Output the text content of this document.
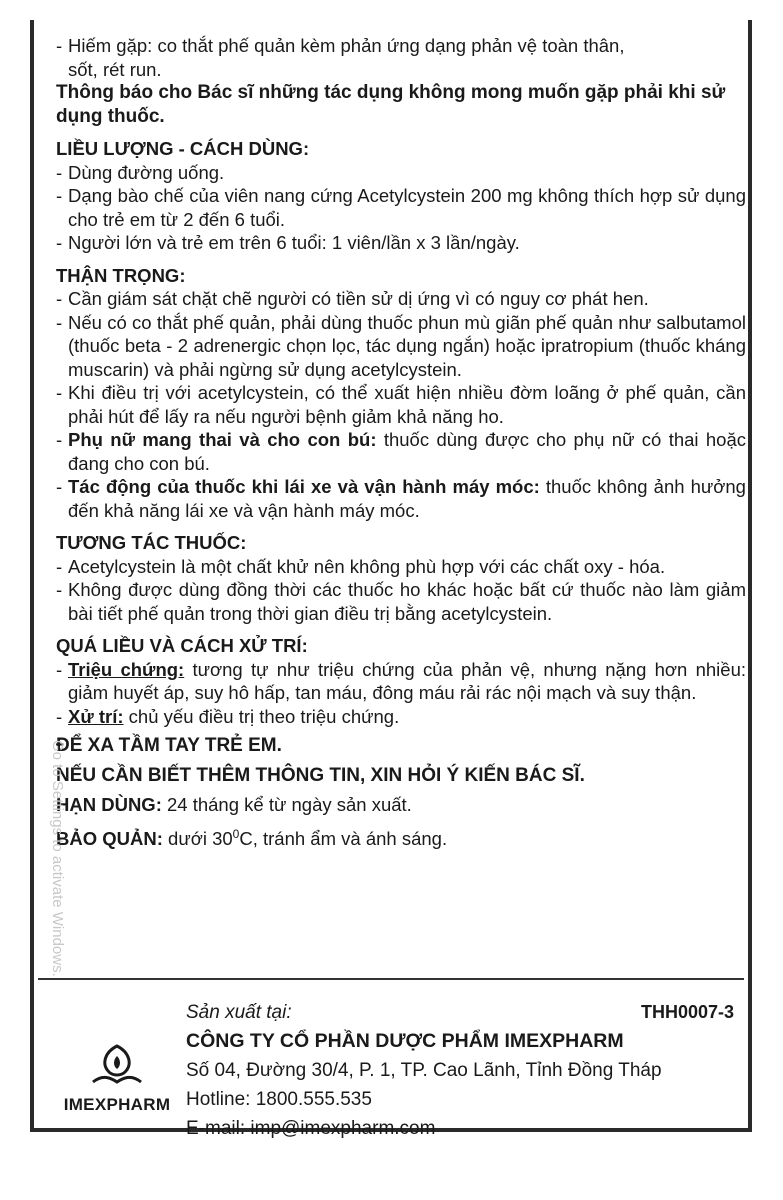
- Hiếm gặp: co thắt phế quản kèm phản ứng dạng phản vệ toàn thân,
sốt, rét run.

Thông báo cho Bác sĩ những tác dụng không mong muốn gặp phải khi sử dụng thuốc.

LIỀU LƯỢNG - CÁCH DÙNG:

- Dùng đường uống.
- Dạng bào chế của viên nang cứng Acetylcystein 200 mg không thích hợp sử dụng cho trẻ em từ 2 đến 6 tuổi.
- Người lớn và trẻ em trên 6 tuổi: 1 viên/lần x 3 lần/ngày.

THẬN TRỌNG:

- Cần giám sát chặt chẽ người có tiền sử dị ứng vì có nguy cơ phát hen.
- Nếu có co thắt phế quản, phải dùng thuốc phun mù giãn phế quản như salbutamol (thuốc beta - 2 adrenergic chọn lọc, tác dụng ngắn) hoặc ipratropium (thuốc kháng muscarin) và phải ngừng sử dụng acetylcystein.
- Khi điều trị với acetylcystein, có thể xuất hiện nhiều đờm loãng ở phế quản, cần phải hút để lấy ra nếu người bệnh giảm khả năng ho.
- Phụ nữ mang thai và cho con bú: thuốc dùng được cho phụ nữ có thai hoặc đang cho con bú.
- Tác động của thuốc khi lái xe và vận hành máy móc: thuốc không ảnh hưởng đến khả năng lái xe và vận hành máy móc.

TƯƠNG TÁC THUỐC:

- Acetylcystein là một chất khử nên không phù hợp với các chất oxy - hóa.
- Không được dùng đồng thời các thuốc ho khác hoặc bất cứ thuốc nào làm giảm bài tiết phế quản trong thời gian điều trị bằng acetylcystein.

QUÁ LIỀU VÀ CÁCH XỬ TRÍ:

- Triệu chứng: tương tự như triệu chứng của phản vệ, nhưng nặng hơn nhiều: giảm huyết áp, suy hô hấp, tan máu, đông máu rải rác nội mạch và suy thận.
- Xử trí: chủ yếu điều trị theo triệu chứng.

ĐỂ XA TẦM TAY TRẺ EM.

NẾU CẦN BIẾT THÊM THÔNG TIN, XIN HỎI Ý KIẾN BÁC SĨ.

HẠN DÙNG: 24 tháng kể từ ngày sản xuất.

BẢO QUẢN: dưới $30^0C$, tránh ẩm và ánh sáng.

IMEXPHARM
Sản xuất tại:	THH0007-3
CÔNG TY CỔ PHẦN DƯỢC PHẨM IMEXPHARM
Số 04, Đường 30/4, P. 1, TP. Cao Lãnh, Tỉnh Đồng Tháp
Hotline: 1800.555.535
E-mail: imp@imexpharm.com
Go to Settings to activate Windows.
